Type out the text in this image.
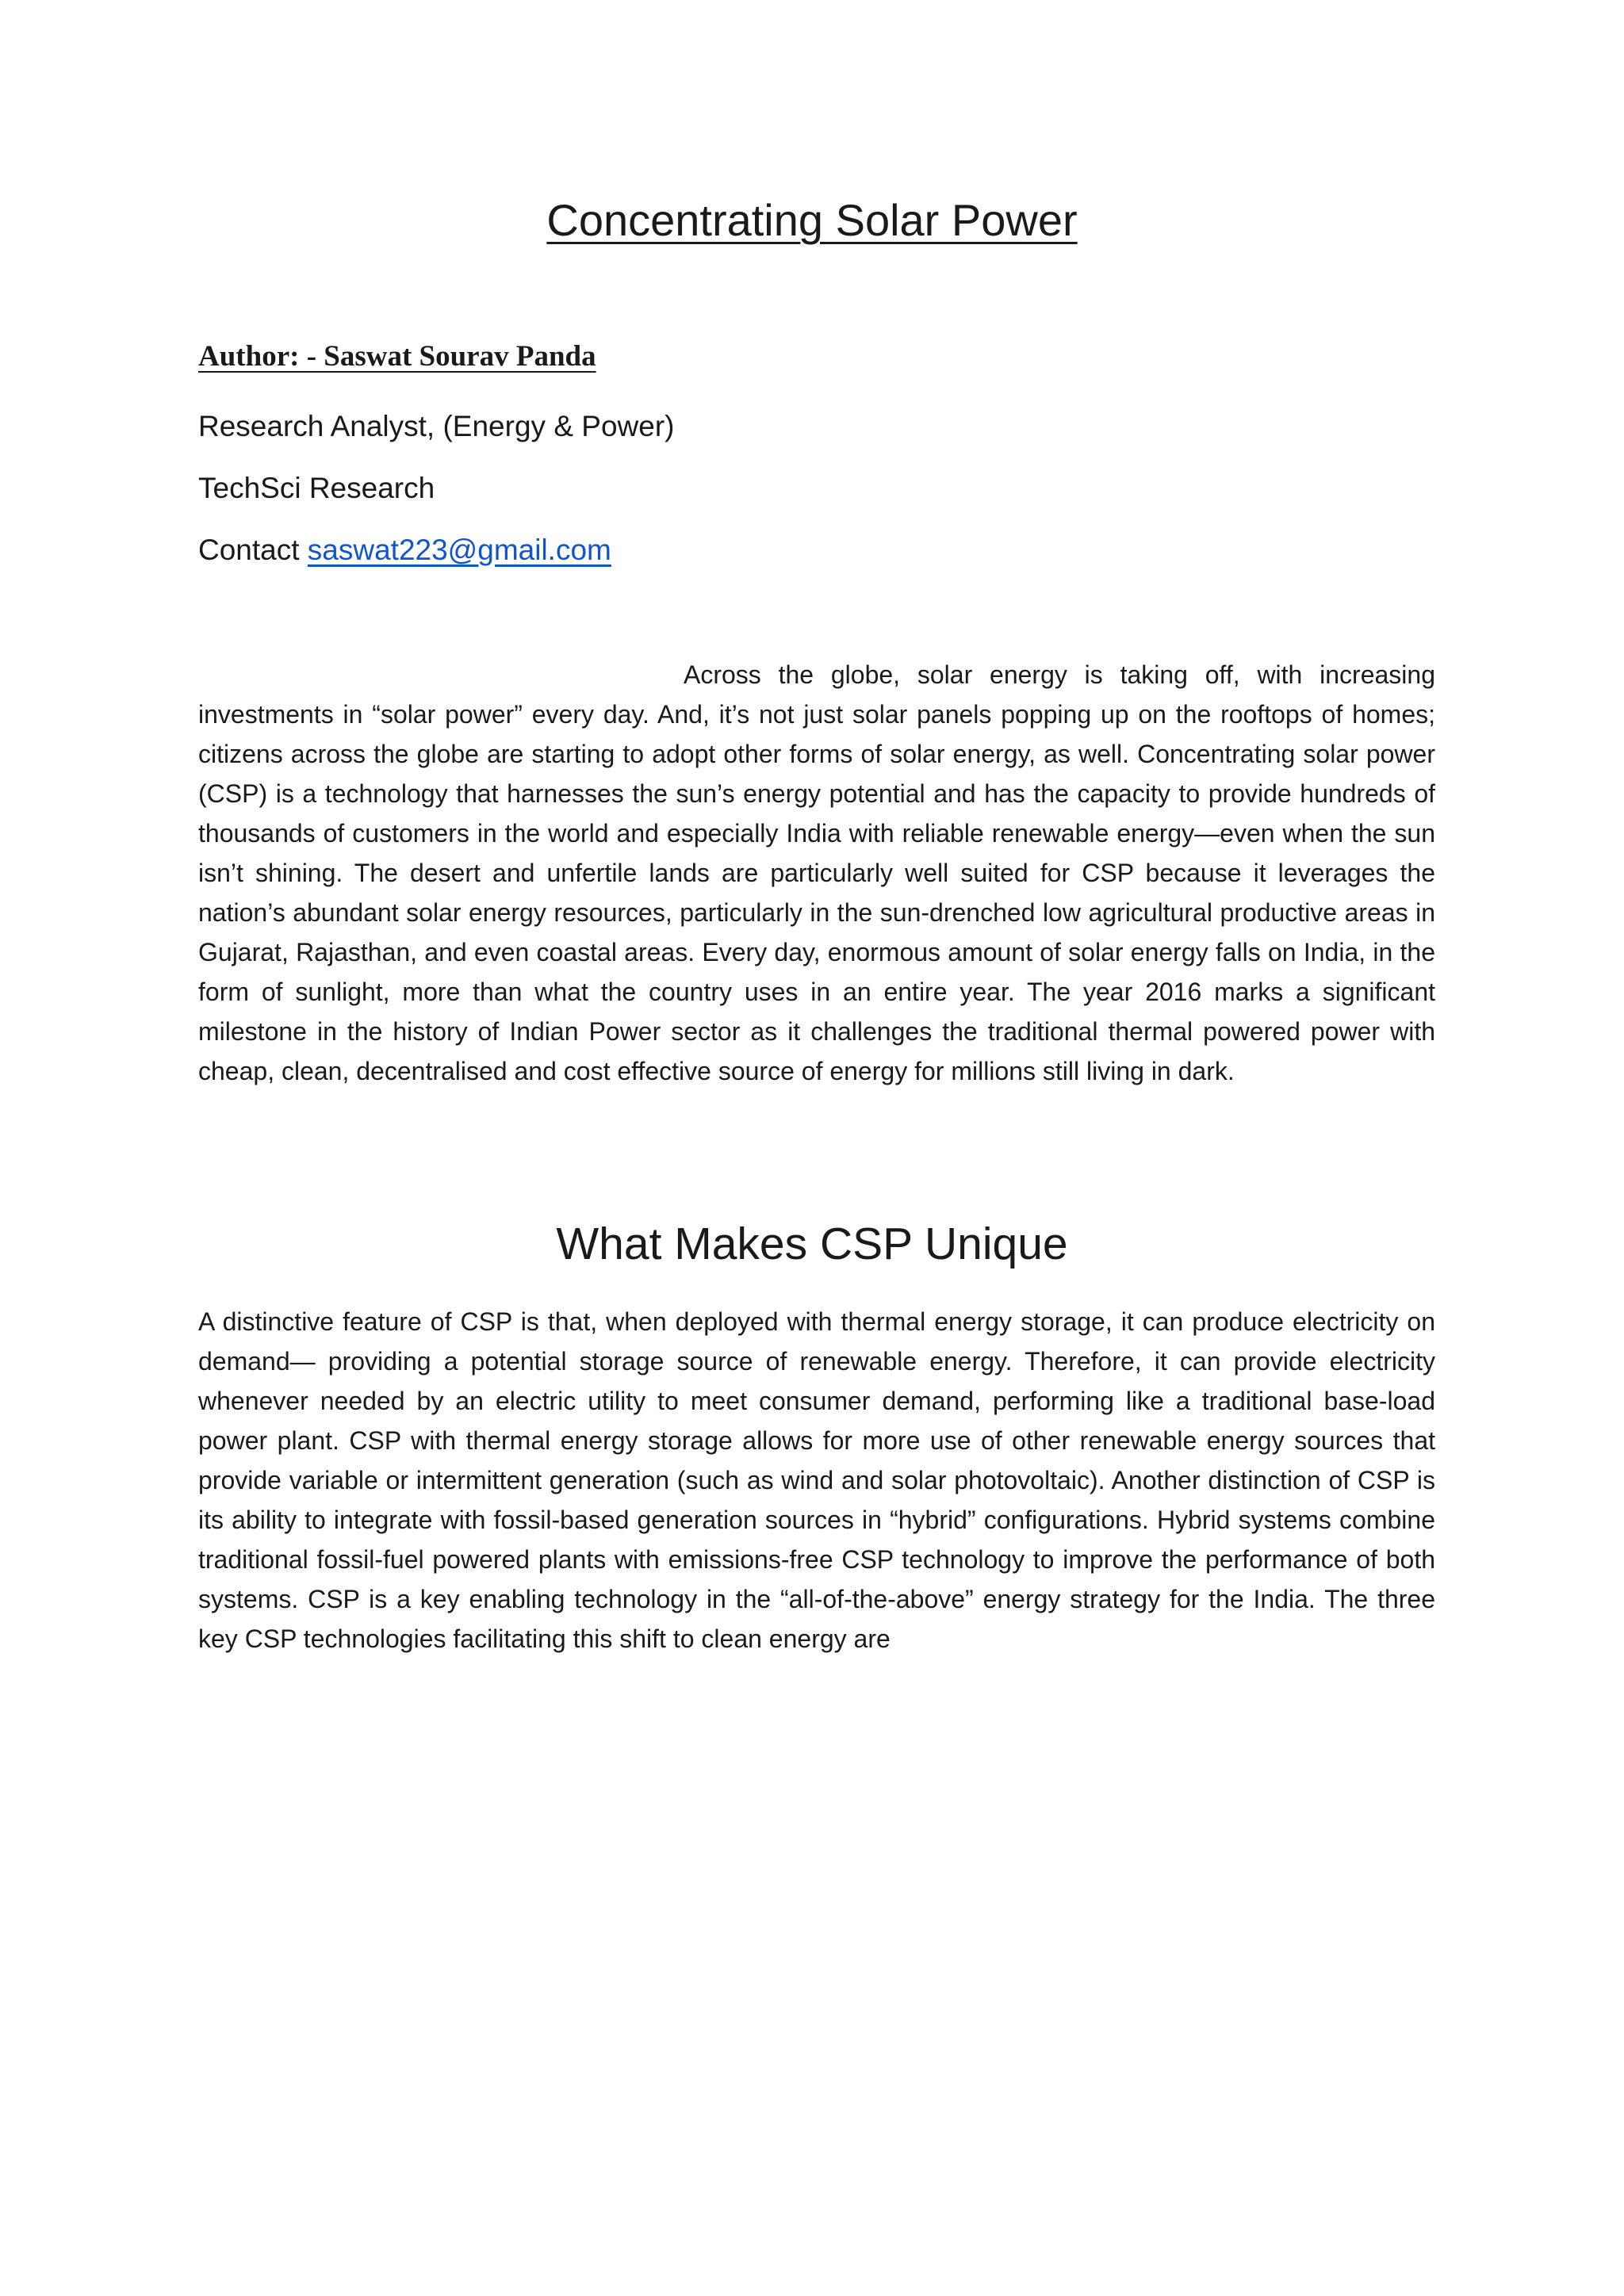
Concentrating Solar Power

Author: - Saswat Sourav Panda

Research Analyst, (Energy & Power)

TechSci Research

Contact saswat223@gmail.com

Across the globe, solar energy is taking off, with increasing investments in “solar power” every day. And, it’s not just solar panels popping up on the rooftops of homes; citizens across the globe are starting to adopt other forms of solar energy, as well. Concentrating solar power (CSP) is a technology that harnesses the sun’s energy potential and has the capacity to provide hundreds of thousands of customers in the world and especially India with reliable renewable energy—even when the sun isn’t shining. The desert and unfertile lands are particularly well suited for CSP because it leverages the nation’s abundant solar energy resources, particularly in the sun-drenched low agricultural productive areas in Gujarat, Rajasthan, and even coastal areas. Every day, enormous amount of solar energy falls on India, in the form of sunlight, more than what the country uses in an entire year. The year 2016 marks a significant milestone in the history of Indian Power sector as it challenges the traditional thermal powered power with cheap, clean, decentralised and cost effective source of energy for millions still living in dark.

What Makes CSP Unique

A distinctive feature of CSP is that, when deployed with thermal energy storage, it can produce electricity on demand— providing a potential storage source of renewable energy. Therefore, it can provide electricity whenever needed by an electric utility to meet consumer demand, performing like a traditional base-load power plant. CSP with thermal energy storage allows for more use of other renewable energy sources that provide variable or intermittent generation (such as wind and solar photovoltaic). Another distinction of CSP is its ability to integrate with fossil-based generation sources in “hybrid” configurations. Hybrid systems combine traditional fossil-fuel powered plants with emissions-free CSP technology to improve the performance of both systems. CSP is a key enabling technology in the “all-of-the-above” energy strategy for the India. The three key CSP technologies facilitating this shift to clean energy are
